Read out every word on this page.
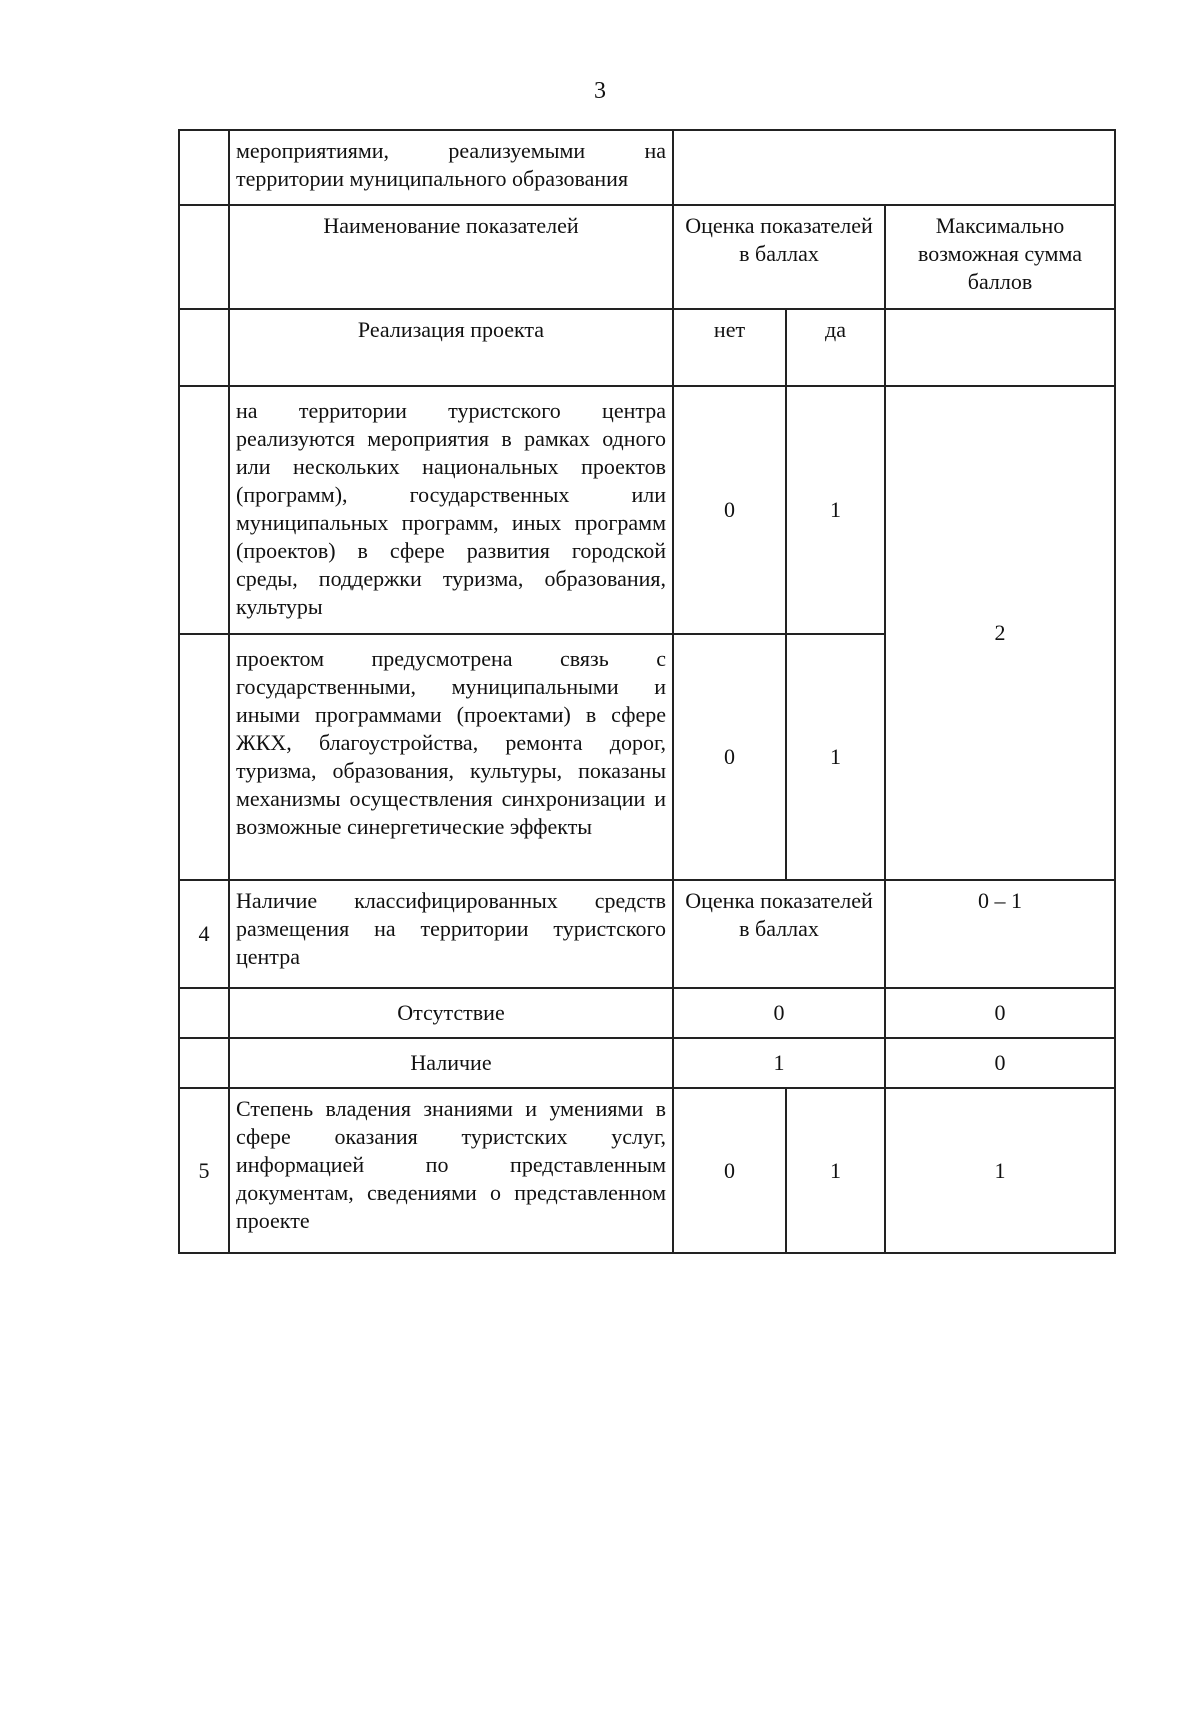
3
	мероприятиями, реализуемыми на территории муниципального образования			
	Наименование показателей	Оценка показателей в баллах		Максимально возможная сумма баллов
	Реализация проекта	нет	да	
	на территории туристского центра реализуются мероприятия в рамках одного или нескольких национальных проектов (программ), государственных или муниципальных программ, иных программ (проектов) в сфере развития городской среды, поддержки туризма, образования, культуры	0	1	2
	проектом предусмотрена связь с государственными, муниципальными и иными программами (проектами) в сфере ЖКХ, благоустройства, ремонта дорог, туризма, образования, культуры, показаны механизмы осуществления синхронизации и возможные синергетические эффекты	0	1	
4	Наличие классифицированных средств размещения на территории туристского центра	Оценка показателей в баллах		0 – 1
	Отсутствие	0		0
	Наличие	1		0
5	Степень владения знаниями и умениями в сфере оказания туристских услуг, информацией по представленным документам, сведениями о представленном проекте	0	1	1
